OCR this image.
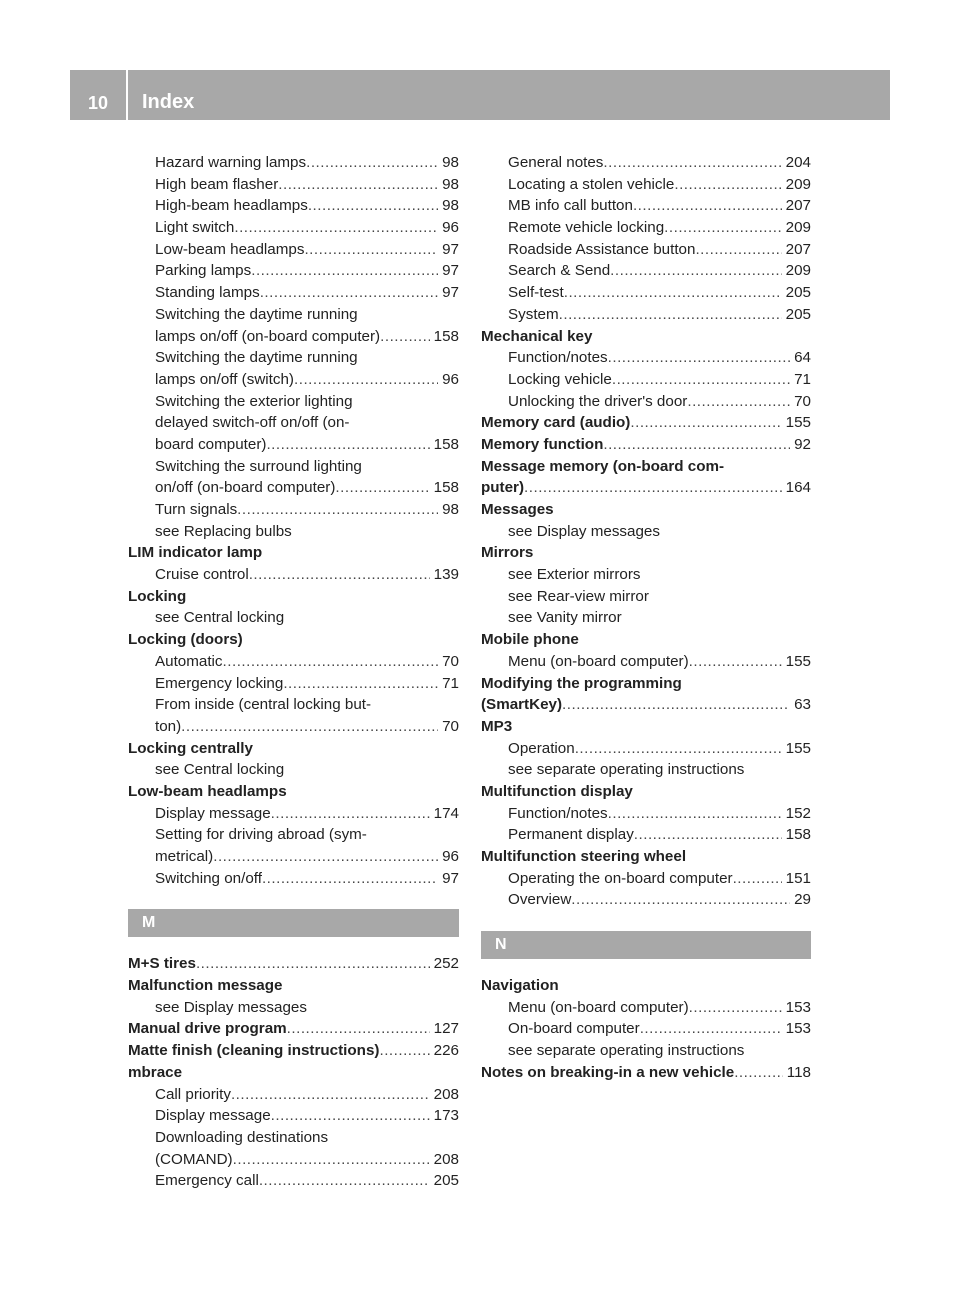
10	Index
Hazard warning lamps .....	98
High beam flasher .....	98
High-beam headlamps .....	98
Light switch .....	96
Low-beam headlamps .....	97
Parking lamps .....	97
Standing lamps .....	97
Switching the daytime running
lamps on/off (on-board computer) .....	158
Switching the daytime running
lamps on/off (switch) .....	96
Switching the exterior lighting
delayed switch-off on/off (on-
board computer) .....	158
Switching the surround lighting
on/off (on-board computer) .....	158
Turn signals .....	98
see Replacing bulbs
LIM indicator lamp
Cruise control .....	139
Locking
see Central locking
Locking (doors)
Automatic .....	70
Emergency locking .....	71
From inside (central locking but-
ton) .....	70
Locking centrally
see Central locking
Low-beam headlamps
Display message .....	174
Setting for driving abroad (sym-
metrical) .....	96
Switching on/off .....	97
M
M+S tires .....	252
Malfunction message
see Display messages
Manual drive program .....	127
Matte finish (cleaning instructions) .....	226
mbrace
Call priority .....	208
Display message .....	173
Downloading destinations
(COMAND) .....	208
Emergency call .....	205
General notes .....	204
Locating a stolen vehicle .....	209
MB info call button .....	207
Remote vehicle locking .....	209
Roadside Assistance button .....	207
Search & Send .....	209
Self-test .....	205
System .....	205
Mechanical key
Function/notes .....	64
Locking vehicle .....	71
Unlocking the driver's door .....	70
Memory card (audio) .....	155
Memory function .....	92
Message memory (on-board com-
puter) .....	164
Messages
see Display messages
Mirrors
see Exterior mirrors
see Rear-view mirror
see Vanity mirror
Mobile phone
Menu (on-board computer) .....	155
Modifying the programming
(SmartKey) .....	63
MP3
Operation .....	155
see separate operating instructions
Multifunction display
Function/notes .....	152
Permanent display .....	158
Multifunction steering wheel
Operating the on-board computer .....	151
Overview .....	29
N
Navigation
Menu (on-board computer) .....	153
On-board computer .....	153
see separate operating instructions
Notes on breaking-in a new vehicle .....	118
